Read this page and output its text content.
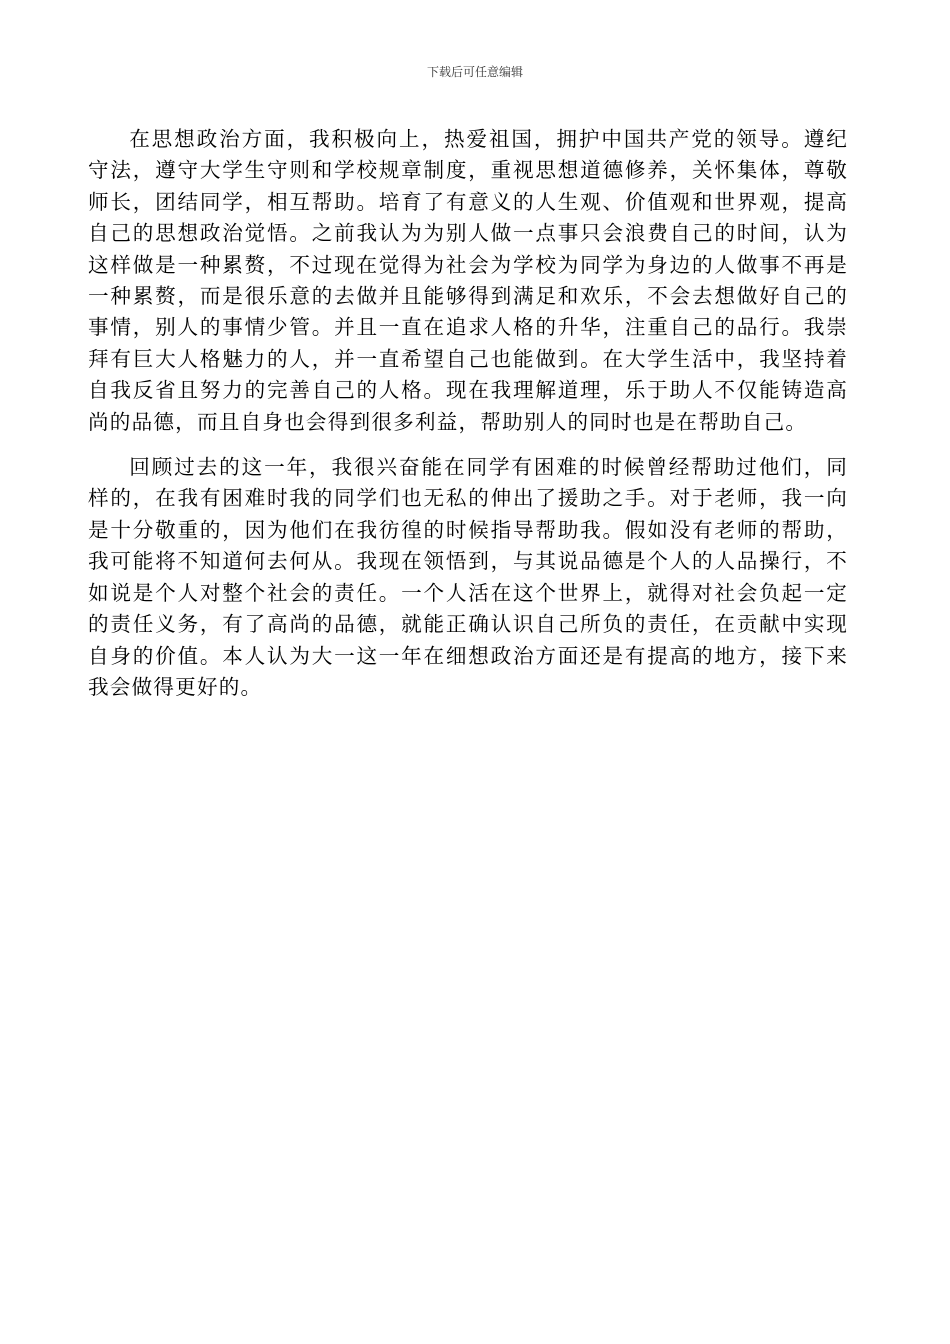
下载后可任意编辑

在思想政治方面，我积极向上，热爱祖国，拥护中国共产党的领导。遵纪守法，遵守大学生守则和学校规章制度，重视思想道德修养，关怀集体，尊敬师长，团结同学，相互帮助。培育了有意义的人生观、价值观和世界观，提高自己的思想政治觉悟。之前我认为为别人做一点事只会浪费自己的时间，认为这样做是一种累赘，不过现在觉得为社会为学校为同学为身边的人做事不再是一种累赘，而是很乐意的去做并且能够得到满足和欢乐，不会去想做好自己的事情，别人的事情少管。并且一直在追求人格的升华，注重自己的品行。我崇拜有巨大人格魅力的人，并一直希望自己也能做到。在大学生活中，我坚持着自我反省且努力的完善自己的人格。现在我理解道理，乐于助人不仅能铸造高尚的品德，而且自身也会得到很多利益，帮助别人的同时也是在帮助自己。

回顾过去的这一年，我很兴奋能在同学有困难的时候曾经帮助过他们，同样的，在我有困难时我的同学们也无私的伸出了援助之手。对于老师，我一向是十分敬重的，因为他们在我彷徨的时候指导帮助我。假如没有老师的帮助，我可能将不知道何去何从。我现在领悟到，与其说品德是个人的人品操行，不如说是个人对整个社会的责任。一个人活在这个世界上，就得对社会负起一定的责任义务，有了高尚的品德，就能正确认识自己所负的责任，在贡献中实现自身的价值。本人认为大一这一年在细想政治方面还是有提高的地方，接下来我会做得更好的。
